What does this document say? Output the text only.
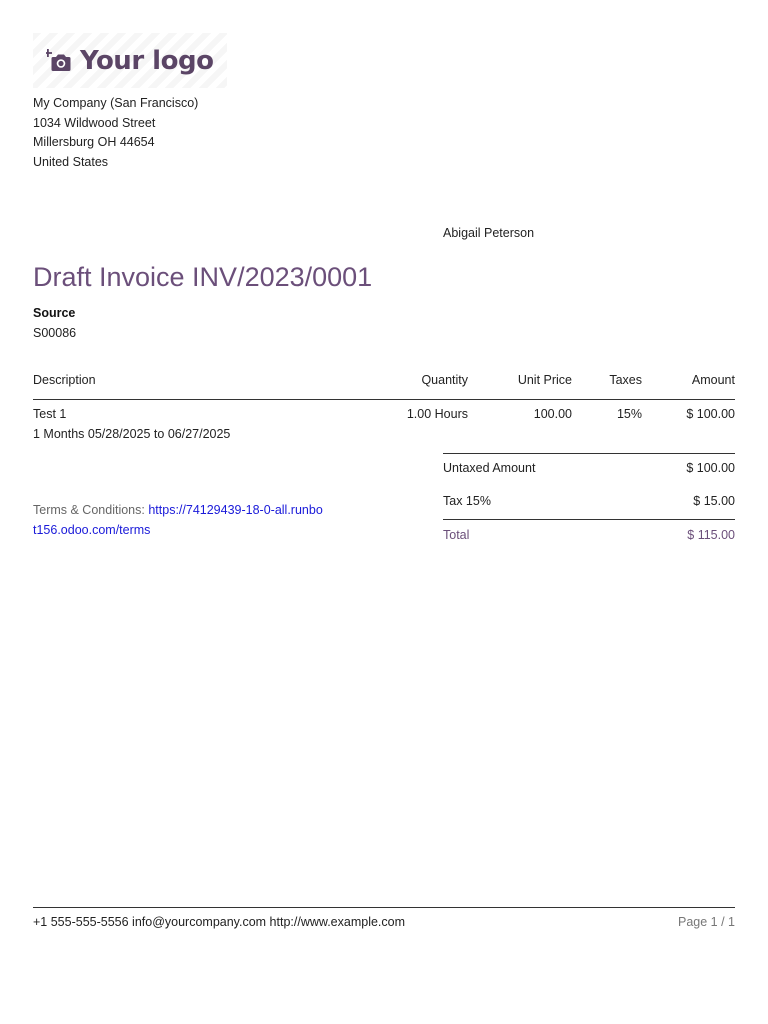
Your logo
My Company (San Francisco)
1034 Wildwood Street
Millersburg OH 44654
United States
Abigail Peterson
Draft Invoice INV/2023/0001
Source
S00086
Description	Quantity	Unit Price	Taxes	Amount
Test 1
1 Months 05/28/2025 to 06/27/2025
1.00 Hours	100.00	15%	$ 100.00
Untaxed Amount	$ 100.00
Tax 15%	$ 15.00
Total	$ 115.00
Terms & Conditions: https://74129439-18-0-all.runbot156.odoo.com/terms
+1 555-555-5556 info@yourcompany.com http://www.example.com	Page 1 / 1
